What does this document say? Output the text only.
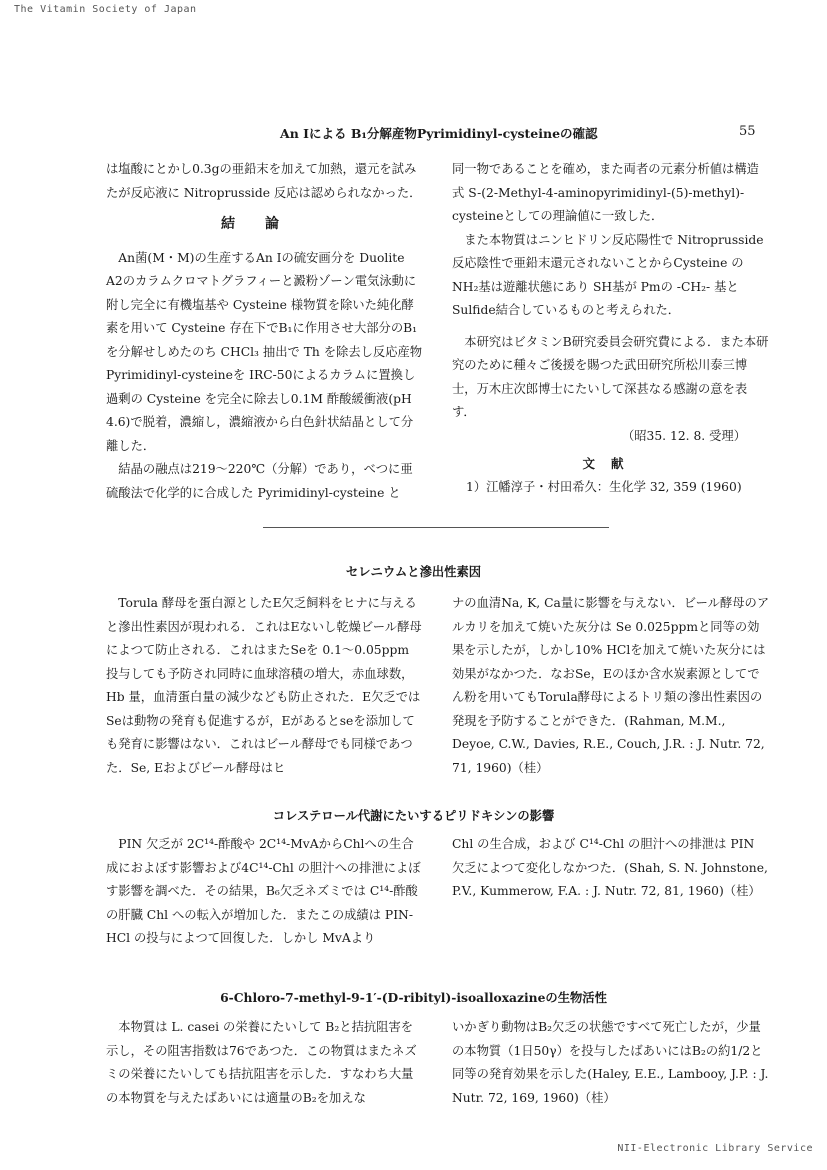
The Vitamin Society of Japan
An Ⅰによる B₁分解産物Pyrimidinyl-cysteineの確認	55

は塩酸にとかし0.3gの亜鉛末を加えて加熱，還元を試みたが反応液に Nitroprusside 反応は認められなかった．

結論

An菌(M・M)の生産するAn Ⅰの硫安画分を Duolite A2のカラムクロマトグラフィーと澱粉ゾーン電気泳動に附し完全に有機塩基や Cysteine 様物質を除いた純化酵素を用いて Cysteine 存在下でB₁に作用させ大部分のB₁を分解せしめたのち CHCl₃ 抽出で Th を除去し反応産物 Pyrimidinyl-cysteineを IRC-50によるカラムに置換し過剰の Cysteine を完全に除去し0.1M 酢酸緩衝液(pH 4.6)で脱着，濃縮し，濃縮液から白色針状結晶として分離した．

結晶の融点は219～220℃（分解）であり，べつに亜硫酸法で化学的に合成した Pyrimidinyl-cysteine と

同一物であることを確め，また両者の元素分析値は構造式 S-(2-Methyl-4-aminopyrimidinyl-(5)-methyl)-cysteineとしての理論値に一致した．

また本物質はニンヒドリン反応陽性で Nitroprusside反応陰性で亜鉛末還元されないことからCysteine の NH₂基は遊離状態にあり SH基が Pmの -CH₂- 基と Sulfide結合しているものと考えられた．

本研究はビタミンB研究委員会研究費による．また本研究のために種々ご後援を賜つた武田研究所松川泰三博士，万木庄次郎博士にたいして深甚なる感謝の意を表す．

（昭35. 12. 8. 受理）

文献

1）江幡淳子・村田希久：生化学 32, 359 (1960)

セレニウムと滲出性素因

Torula 酵母を蛋白源としたE欠乏飼料をヒナに与えると滲出性素因が現われる．これはEないし乾燥ビール酵母によつて防止される．これはまたSeを 0.1～0.05ppm 投与しても予防され同時に血球溶積の増大，赤血球数，Hb 量，血清蛋白量の減少なども防止された．E欠乏ではSeは動物の発育も促進するが，Eがあるとseを添加しても発育に影響はない．これはビール酵母でも同様であつた．Se, Eおよびビール酵母はヒ

ナの血清Na, K, Ca量に影響を与えない．ビール酵母のアルカリを加えて焼いた灰分は Se 0.025ppmと同等の効果を示したが，しかし10% HClを加えて焼いた灰分には効果がなかつた．なおSe，Eのほか含水炭素源としてでん粉を用いてもTorula酵母によるトリ類の滲出性素因の発現を予防することができた．(Rahman, M.M., Deyoe, C.W., Davies, R.E., Couch, J.R. : J. Nutr. 72, 71, 1960)（桂）

コレステロール代謝にたいするピリドキシンの影響

PIN 欠乏が 2C¹⁴-酢酸や 2C¹⁴-MvAからChlへの生合成におよぼす影響および4C¹⁴-Chl の胆汁への排泄によぼす影響を調べた．その結果，B₆欠乏ネズミでは C¹⁴-酢酸の肝臓 Chl への転入が増加した．またこの成績は PIN-HCl の投与によつて回復した．しかし MvAより

Chl の生合成，および C¹⁴-Chl の胆汁への排泄は PIN 欠乏によつて変化しなかつた．(Shah, S. N. Johnstone, P.V., Kummerow, F.A. : J. Nutr. 72, 81, 1960)（桂）

6-Chloro-7-methyl-9-1′-(D-ribityl)-isoalloxazineの生物活性

本物質は L. casei の栄養にたいして B₂と拮抗阻害を示し，その阻害指数は76であつた．この物質はまたネズミの栄養にたいしても拮抗阻害を示した．すなわち大量の本物質を与えたばあいには適量のB₂を加えな

いかぎり動物はB₂欠乏の状態ですべて死亡したが，少量の本物質（1日50γ）を投与したばあいにはB₂の約1/2と同等の発育効果を示した(Haley, E.E., Lambooy, J.P. : J. Nutr. 72, 169, 1960)（桂）

NII-Electronic Library Service
